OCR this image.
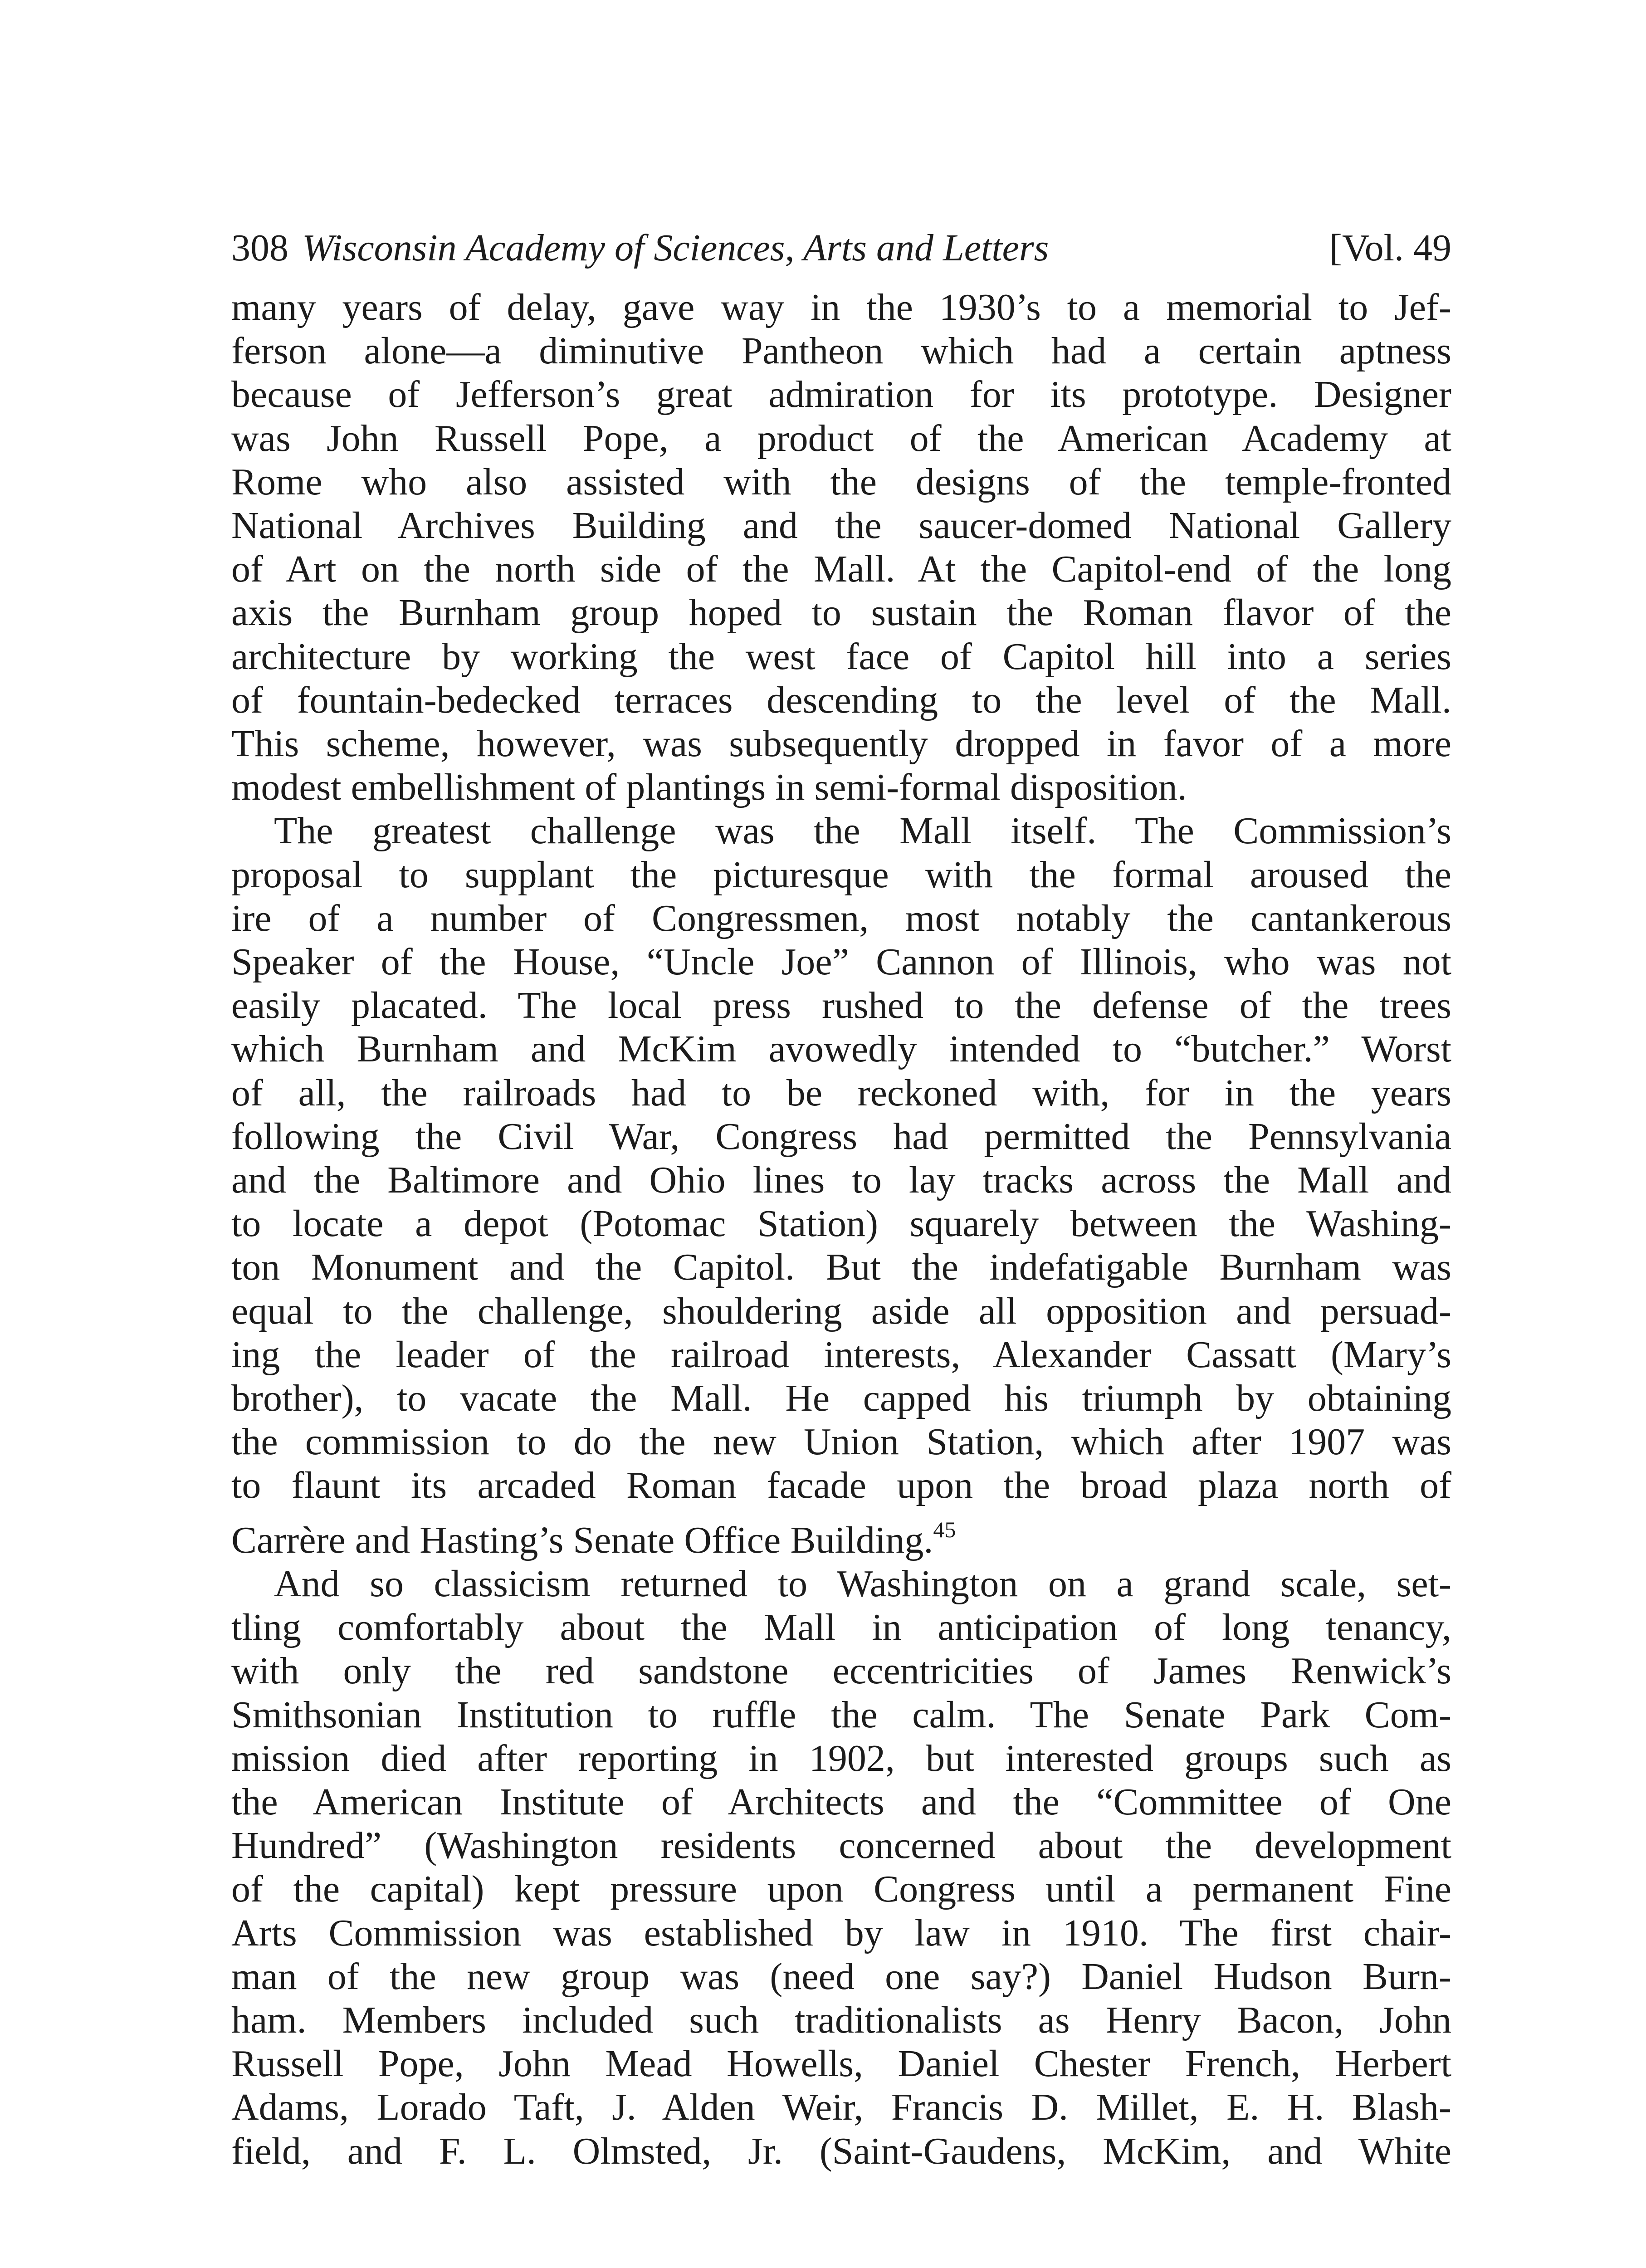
308 Wisconsin Academy of Sciences, Arts and Letters	[Vol. 49

many years of delay, gave way in the 1930’s to a memorial to Jef-
ferson alone—a diminutive Pantheon which had a certain aptness
because of Jefferson’s great admiration for its prototype. Designer
was John Russell Pope, a product of the American Academy at
Rome who also assisted with the designs of the temple-fronted
National Archives Building and the saucer-domed National Gallery
of Art on the north side of the Mall. At the Capitol-end of the long
axis the Burnham group hoped to sustain the Roman flavor of the
architecture by working the west face of Capitol hill into a series
of fountain-bedecked terraces descending to the level of the Mall.
This scheme, however, was subsequently dropped in favor of a more
modest embellishment of plantings in semi-formal disposition.

The greatest challenge was the Mall itself. The Commission’s
proposal to supplant the picturesque with the formal aroused the
ire of a number of Congressmen, most notably the cantankerous
Speaker of the House, “Uncle Joe” Cannon of Illinois, who was not
easily placated. The local press rushed to the defense of the trees
which Burnham and McKim avowedly intended to “butcher.” Worst
of all, the railroads had to be reckoned with, for in the years
following the Civil War, Congress had permitted the Pennsylvania
and the Baltimore and Ohio lines to lay tracks across the Mall and
to locate a depot (Potomac Station) squarely between the Washing-
ton Monument and the Capitol. But the indefatigable Burnham was
equal to the challenge, shouldering aside all opposition and persuad-
ing the leader of the railroad interests, Alexander Cassatt (Mary’s
brother), to vacate the Mall. He capped his triumph by obtaining
the commission to do the new Union Station, which after 1907 was
to flaunt its arcaded Roman facade upon the broad plaza north of
Carrère and Hasting’s Senate Office Building.$^{45}$

And so classicism returned to Washington on a grand scale, set-
tling comfortably about the Mall in anticipation of long tenancy,
with only the red sandstone eccentricities of James Renwick’s
Smithsonian Institution to ruffle the calm. The Senate Park Com-
mission died after reporting in 1902, but interested groups such as
the American Institute of Architects and the “Committee of One
Hundred” (Washington residents concerned about the development
of the capital) kept pressure upon Congress until a permanent Fine
Arts Commission was established by law in 1910. The first chair-
man of the new group was (need one say?) Daniel Hudson Burn-
ham. Members included such traditionalists as Henry Bacon, John
Russell Pope, John Mead Howells, Daniel Chester French, Herbert
Adams, Lorado Taft, J. Alden Weir, Francis D. Millet, E. H. Blash-
field, and F. L. Olmsted, Jr. (Saint-Gaudens, McKim, and White
